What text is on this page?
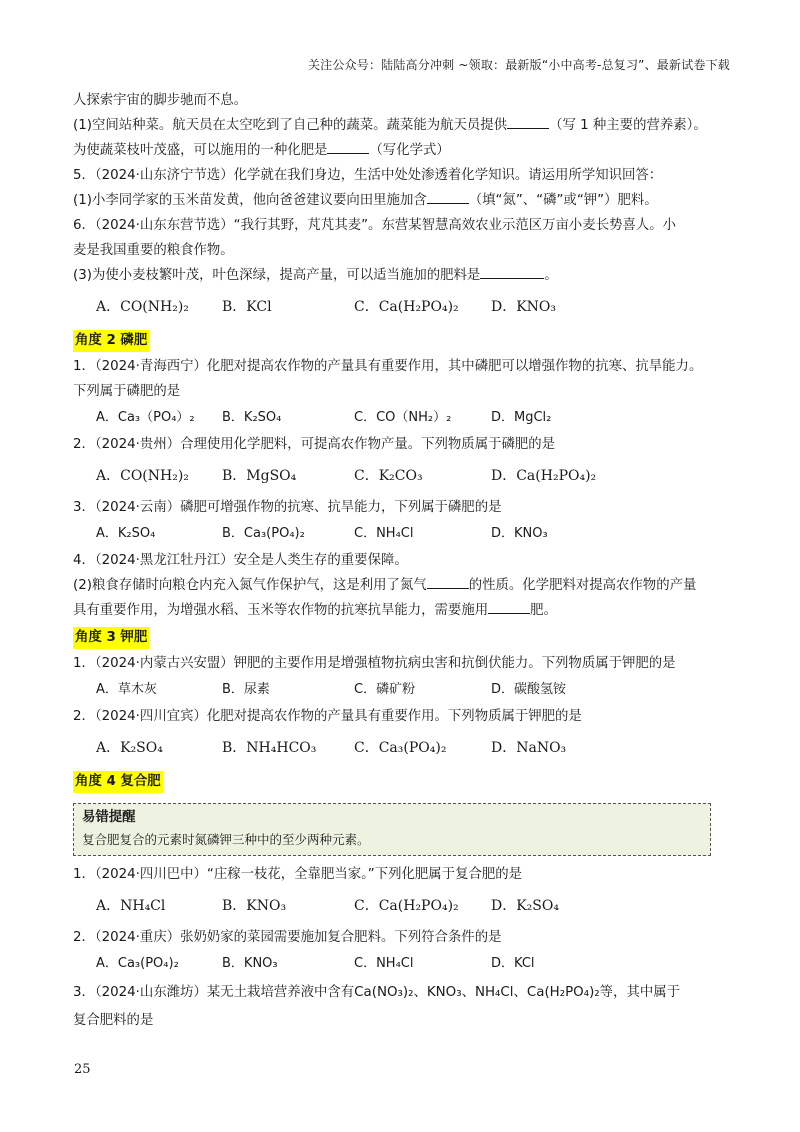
关注公众号：陆陆高分冲刺 ~领取：最新版“小中高考-总复习”、最新试卷下载

人探索宇宙的脚步驰而不息。

(1)空间站种菜。航天员在太空吃到了自己种的蔬菜。蔬菜能为航天员提供	（写 1 种主要的营养素）。

为使蔬菜枝叶茂盛，可以施用的一种化肥是	（写化学式）

5．（2024·山东济宁节选）化学就在我们身边，生活中处处渗透着化学知识。请运用所学知识回答：

(1)小李同学家的玉米苗发黄，他向爸爸建议要向田里施加含	（填“氮”、“磷”或“钾”）肥料。

6．（2024·山东东营节选）“我行其野，芃芃其麦”。东营某智慧高效农业示范区万亩小麦长势喜人。小

麦是我国重要的粮食作物。

(3)为使小麦枝繁叶茂，叶色深绿，提高产量，可以适当施加的肥料是	。

A．CO(NH₂)₂	B．KCl	C．Ca(H₂PO₄)₂	D．KNO₃
角度 2 磷肥

1．（2024·青海西宁）化肥对提高农作物的产量具有重要作用，其中磷肥可以增强作物的抗寒、抗旱能力。

下列属于磷肥的是

A．Ca₃（PO₄）₂	B．K₂SO₄	C．CO（NH₂）₂	D．MgCl₂

2．（2024·贵州）合理使用化学肥料，可提高农作物产量。下列物质属于磷肥的是

A．CO(NH₂)₂	B．MgSO₄	C．K₂CO₃	D．Ca(H₂PO₄)₂

3．（2024·云南）磷肥可增强作物的抗寒、抗旱能力，下列属于磷肥的是

A．K₂SO₄	B．Ca₃(PO₄)₂	C．NH₄Cl	D．KNO₃

4．（2024·黑龙江牡丹江）安全是人类生存的重要保障。

(2)粮食存储时向粮仓内充入氮气作保护气，这是利用了氮气	的性质。化学肥料对提高农作物的产量

具有重要作用，为增强水稻、玉米等农作物的抗寒抗旱能力，需要施用	肥。

角度 3 钾肥

1．（2024·内蒙古兴安盟）钾肥的主要作用是增强植物抗病虫害和抗倒伏能力。下列物质属于钾肥的是

A．草木灰	B．尿素	C．磷矿粉	D．碳酸氢铵

2．（2024·四川宜宾）化肥对提高农作物的产量具有重要作用。下列物质属于钾肥的是

A．K₂SO₄	B．NH₄HCO₃	C．Ca₃(PO₄)₂	D．NaNO₃
角度 4 复合肥
易错提醒
复合肥复合的元素时氮磷钾三种中的至少两种元素。

1．（2024·四川巴中）“庄稼一枝花，全靠肥当家。”下列化肥属于复合肥的是

A．NH₄Cl	B．KNO₃	C．Ca(H₂PO₄)₂	D．K₂SO₄

2．（2024·重庆）张奶奶家的菜园需要施加复合肥料。下列符合条件的是

A．Ca₃(PO₄)₂	B．KNO₃	C．NH₄Cl	D．KCl

3．（2024·山东潍坊）某无土栽培营养液中含有Ca(NO₃)₂、KNO₃、NH₄Cl、Ca(H₂PO₄)₂等，其中属于

复合肥料的是

25
